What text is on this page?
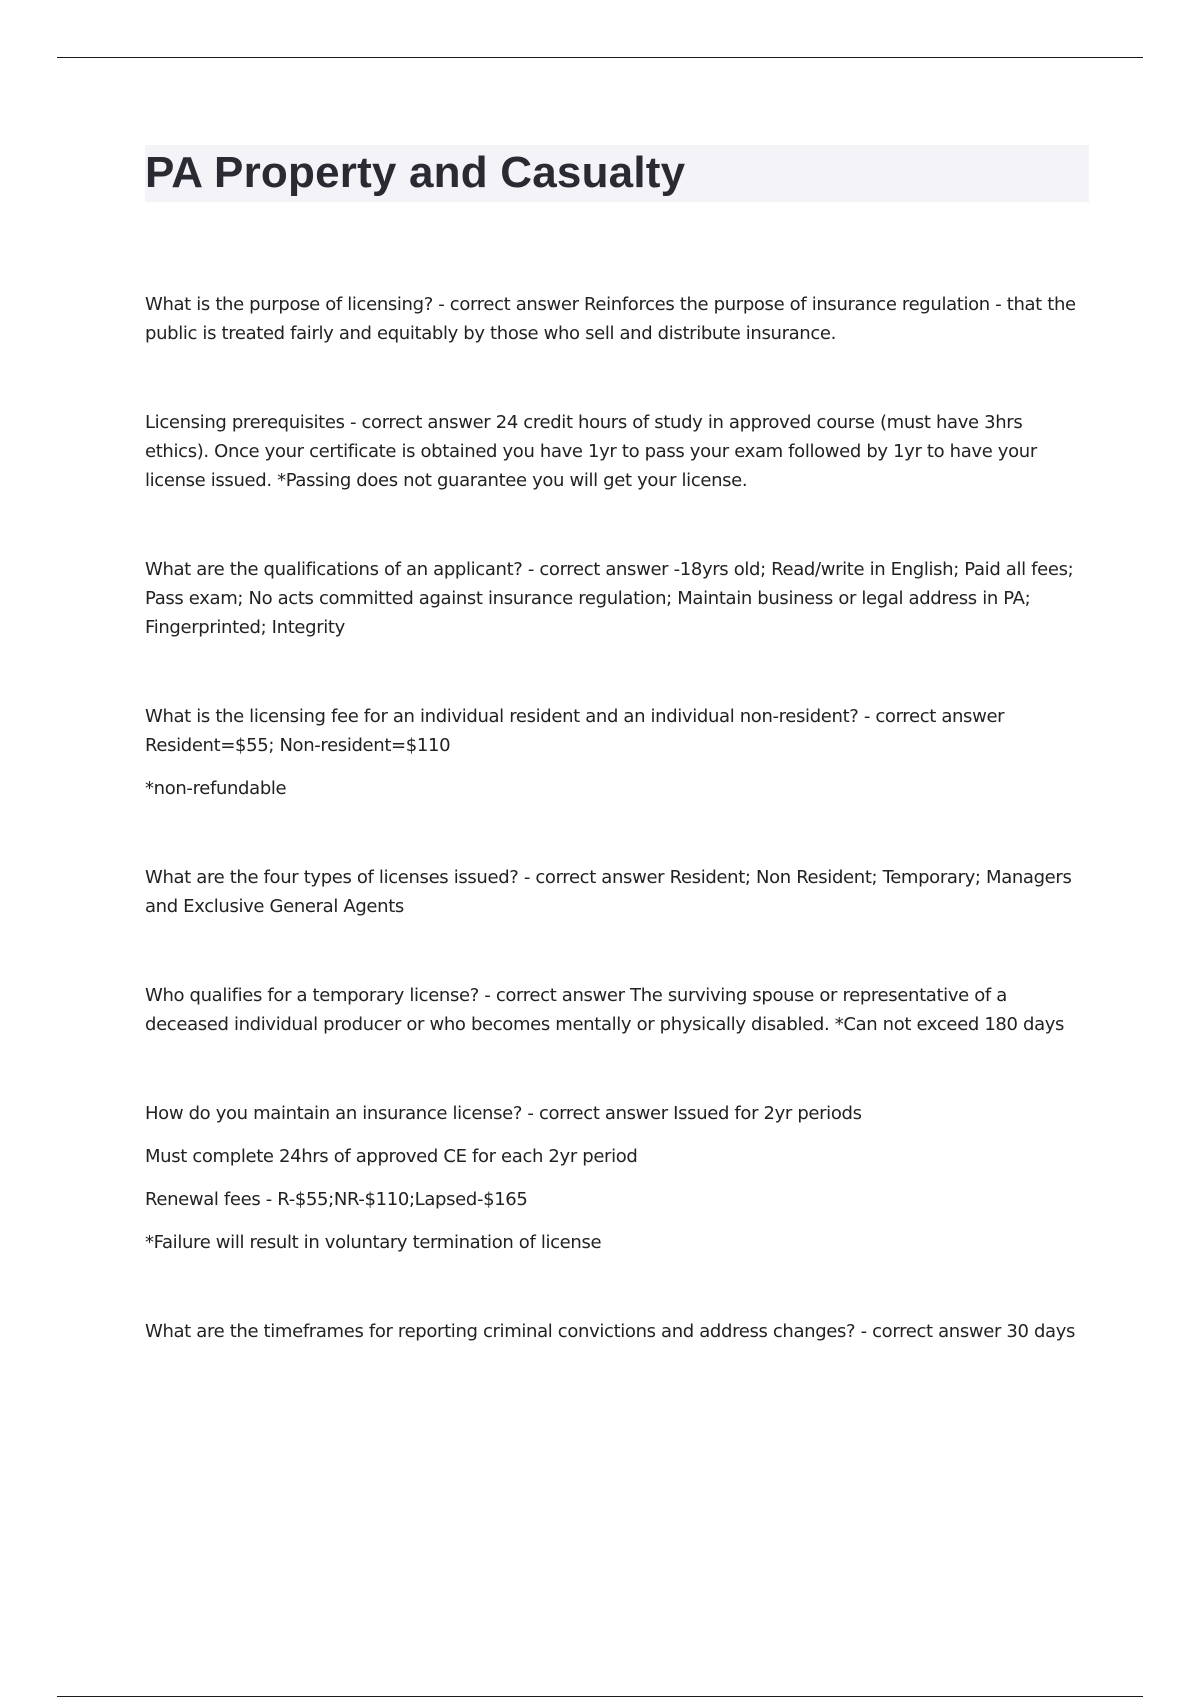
PA Property and Casualty

What is the purpose of licensing? - correct answer Reinforces the purpose of insurance regulation - that the public is treated fairly and equitably by those who sell and distribute insurance.

Licensing prerequisites - correct answer 24 credit hours of study in approved course (must have 3hrs ethics). Once your certificate is obtained you have 1yr to pass your exam followed by 1yr to have your license issued. *Passing does not guarantee you will get your license.

What are the qualifications of an applicant? - correct answer -18yrs old; Read/write in English; Paid all fees; Pass exam; No acts committed against insurance regulation; Maintain business or legal address in PA; Fingerprinted; Integrity

What is the licensing fee for an individual resident and an individual non-resident? - correct answer Resident=$55; Non-resident=$110

*non-refundable

What are the four types of licenses issued? - correct answer Resident; Non Resident; Temporary; Managers and Exclusive General Agents

Who qualifies for a temporary license? - correct answer The surviving spouse or representative of a deceased individual producer or who becomes mentally or physically disabled. *Can not exceed 180 days

How do you maintain an insurance license? - correct answer Issued for 2yr periods

Must complete 24hrs of approved CE for each 2yr period

Renewal fees - R-$55;NR-$110;Lapsed-$165

*Failure will result in voluntary termination of license

What are the timeframes for reporting criminal convictions and address changes? - correct answer 30 days
